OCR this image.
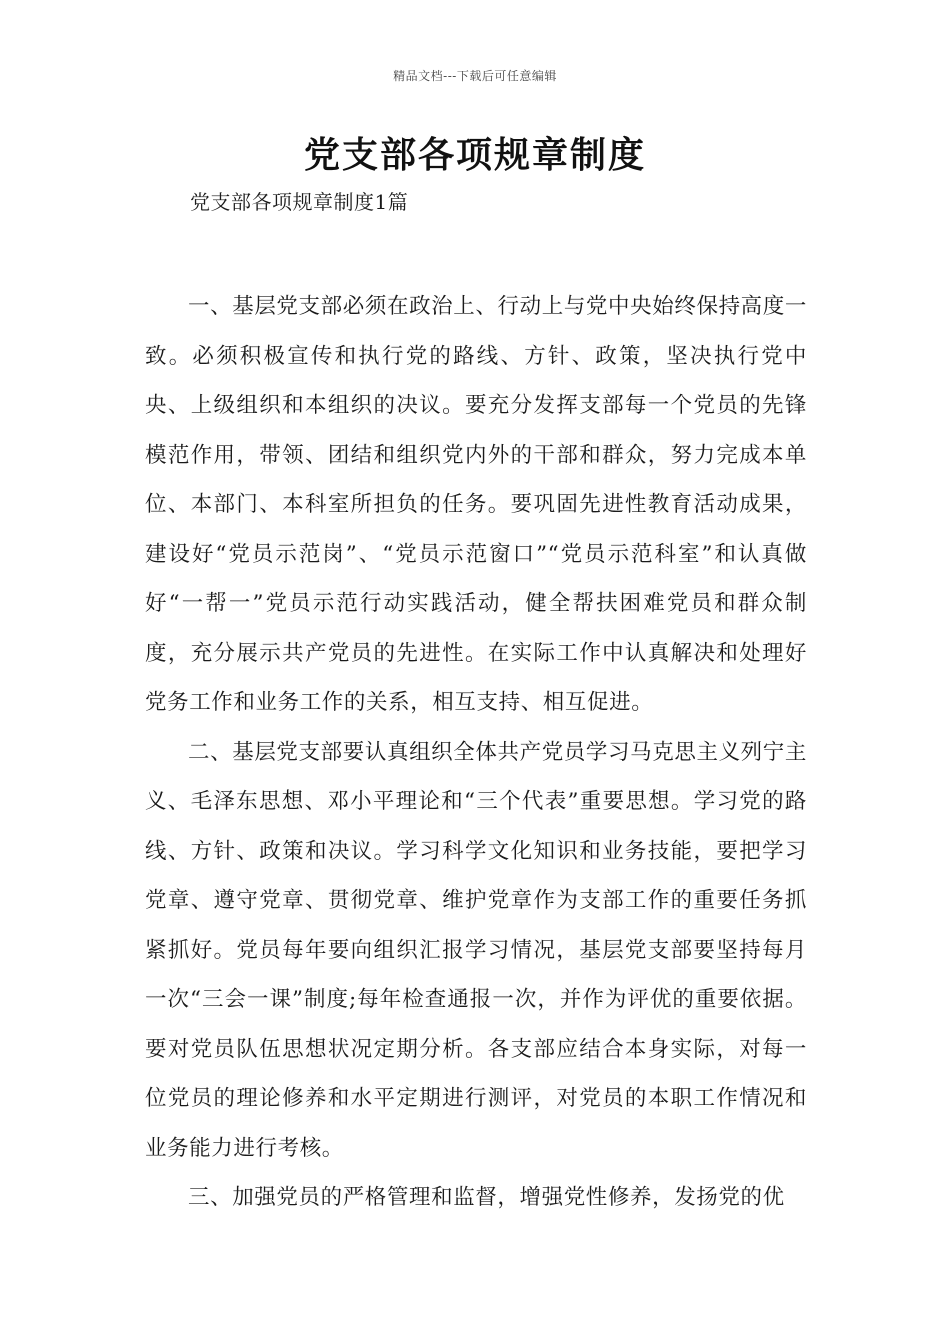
精品文档---下载后可任意编辑
党支部各项规章制度
党支部各项规章制度1篇

一、基层党支部必须在政治上、行动上与党中央始终保持高度一致。必须积极宣传和执行党的路线、方针、政策，坚决执行党中央、上级组织和本组织的决议。要充分发挥支部每一个党员的先锋模范作用，带领、团结和组织党内外的干部和群众，努力完成本单位、本部门、本科室所担负的任务。要巩固先进性教育活动成果，建设好“党员示范岗”、“党员示范窗口”“党员示范科室”和认真做好“一帮一”党员示范行动实践活动，健全帮扶困难党员和群众制度，充分展示共产党员的先进性。在实际工作中认真解决和处理好党务工作和业务工作的关系，相互支持、相互促进。

二、基层党支部要认真组织全体共产党员学习马克思主义列宁主义、毛泽东思想、邓小平理论和“三个代表”重要思想。学习党的路线、方针、政策和决议。学习科学文化知识和业务技能，要把学习党章、遵守党章、贯彻党章、维护党章作为支部工作的重要任务抓紧抓好。党员每年要向组织汇报学习情况，基层党支部要坚持每月一次“三会一课”制度;每年检查通报一次，并作为评优的重要依据。要对党员队伍思想状况定期分析。各支部应结合本身实际，对每一位党员的理论修养和水平定期进行测评，对党员的本职工作情况和业务能力进行考核。

三、加强党员的严格管理和监督，增强党性修养，发扬党的优
